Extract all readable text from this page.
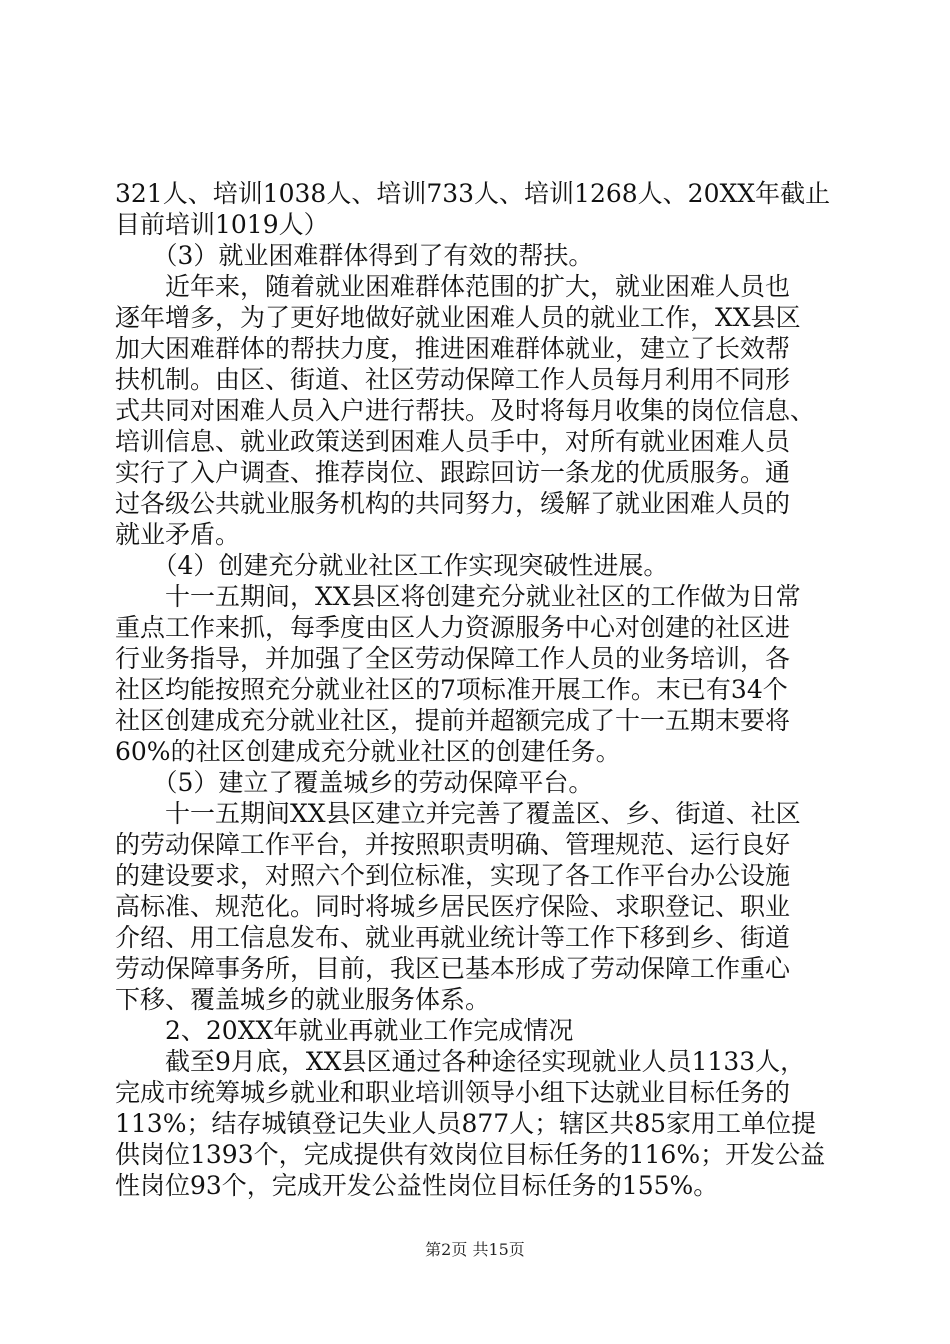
321人、培训1038人、培训733人、培训1268人、20XX年截止
目前培训1019人）
　　（3）就业困难群体得到了有效的帮扶。
　　近年来，随着就业困难群体范围的扩大，就业困难人员也
逐年增多，为了更好地做好就业困难人员的就业工作，XX县区
加大困难群体的帮扶力度，推进困难群体就业，建立了长效帮
扶机制。由区、街道、社区劳动保障工作人员每月利用不同形
式共同对困难人员入户进行帮扶。及时将每月收集的岗位信息、
培训信息、就业政策送到困难人员手中，对所有就业困难人员
实行了入户调查、推荐岗位、跟踪回访一条龙的优质服务。通
过各级公共就业服务机构的共同努力，缓解了就业困难人员的
就业矛盾。
　　（4）创建充分就业社区工作实现突破性进展。
　　十一五期间，XX县区将创建充分就业社区的工作做为日常
重点工作来抓，每季度由区人力资源服务中心对创建的社区进
行业务指导，并加强了全区劳动保障工作人员的业务培训，各
社区均能按照充分就业社区的7项标准开展工作。末已有34个
社区创建成充分就业社区，提前并超额完成了十一五期末要将
60%的社区创建成充分就业社区的创建任务。
　　（5）建立了覆盖城乡的劳动保障平台。
　　十一五期间XX县区建立并完善了覆盖区、乡、街道、社区
的劳动保障工作平台，并按照职责明确、管理规范、运行良好
的建设要求，对照六个到位标准，实现了各工作平台办公设施
高标准、规范化。同时将城乡居民医疗保险、求职登记、职业
介绍、用工信息发布、就业再就业统计等工作下移到乡、街道
劳动保障事务所，目前，我区已基本形成了劳动保障工作重心
下移、覆盖城乡的就业服务体系。
　　2、20XX年就业再就业工作完成情况
　　截至9月底，XX县区通过各种途径实现就业人员1133人，
完成市统筹城乡就业和职业培训领导小组下达就业目标任务的
113%；结存城镇登记失业人员877人；辖区共85家用工单位提
供岗位1393个，完成提供有效岗位目标任务的116%；开发公益
性岗位93个，完成开发公益性岗位目标任务的155%。
第2页 共15页
